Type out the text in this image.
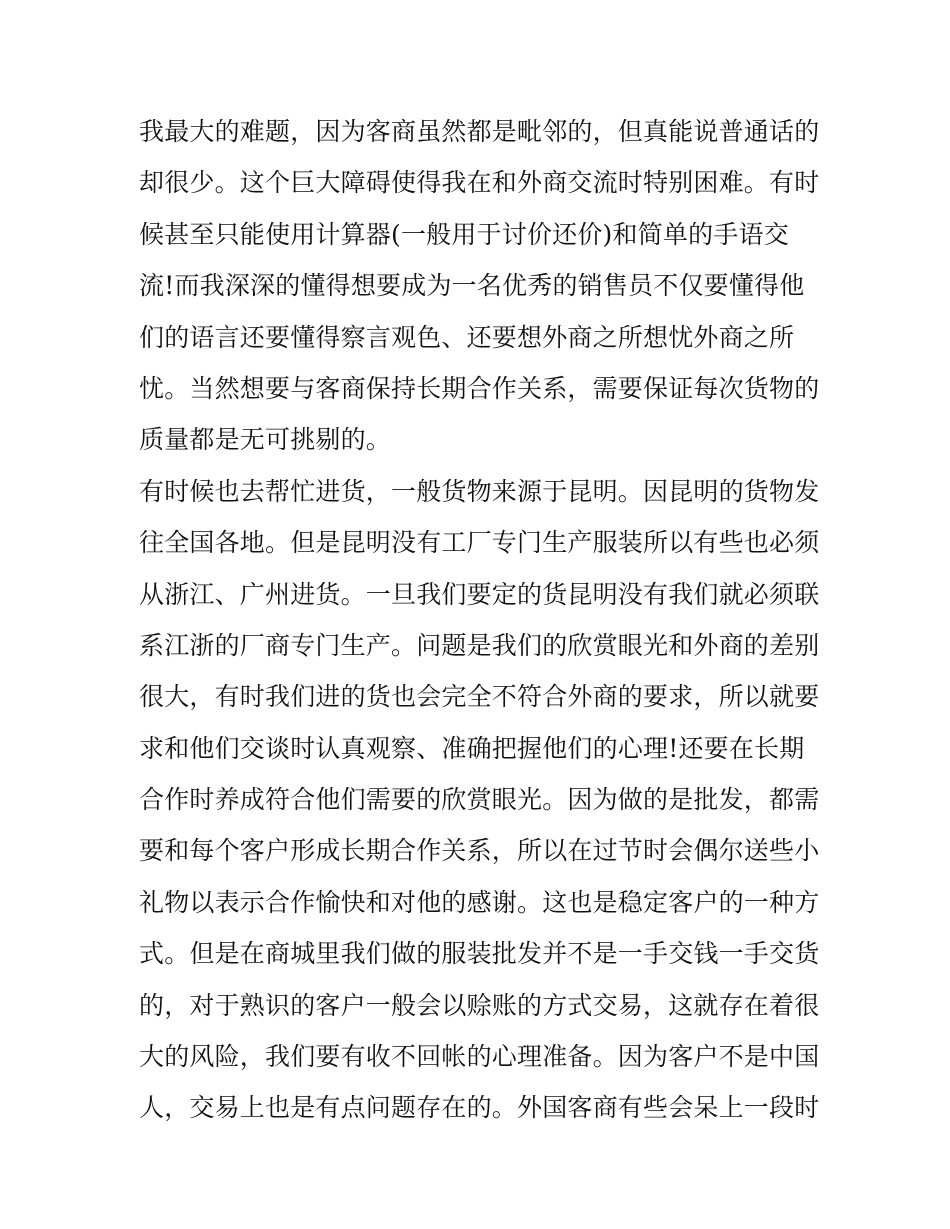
我最大的难题，因为客商虽然都是毗邻的，但真能说普通话的
却很少。这个巨大障碍使得我在和外商交流时特别困难。有时
候甚至只能使用计算器(一般用于讨价还价)和简单的手语交
流!而我深深的懂得想要成为一名优秀的销售员不仅要懂得他
们的语言还要懂得察言观色、还要想外商之所想忧外商之所
忧。当然想要与客商保持长期合作关系，需要保证每次货物的
质量都是无可挑剔的。
有时候也去帮忙进货，一般货物来源于昆明。因昆明的货物发
往全国各地。但是昆明没有工厂专门生产服装所以有些也必须
从浙江、广州进货。一旦我们要定的货昆明没有我们就必须联
系江浙的厂商专门生产。问题是我们的欣赏眼光和外商的差别
很大，有时我们进的货也会完全不符合外商的要求，所以就要
求和他们交谈时认真观察、准确把握他们的心理!还要在长期
合作时养成符合他们需要的欣赏眼光。因为做的是批发，都需
要和每个客户形成长期合作关系，所以在过节时会偶尔送些小
礼物以表示合作愉快和对他的感谢。这也是稳定客户的一种方
式。但是在商城里我们做的服装批发并不是一手交钱一手交货
的，对于熟识的客户一般会以赊账的方式交易，这就存在着很
大的风险，我们要有收不回帐的心理准备。因为客户不是中国
人，交易上也是有点问题存在的。外国客商有些会呆上一段时
